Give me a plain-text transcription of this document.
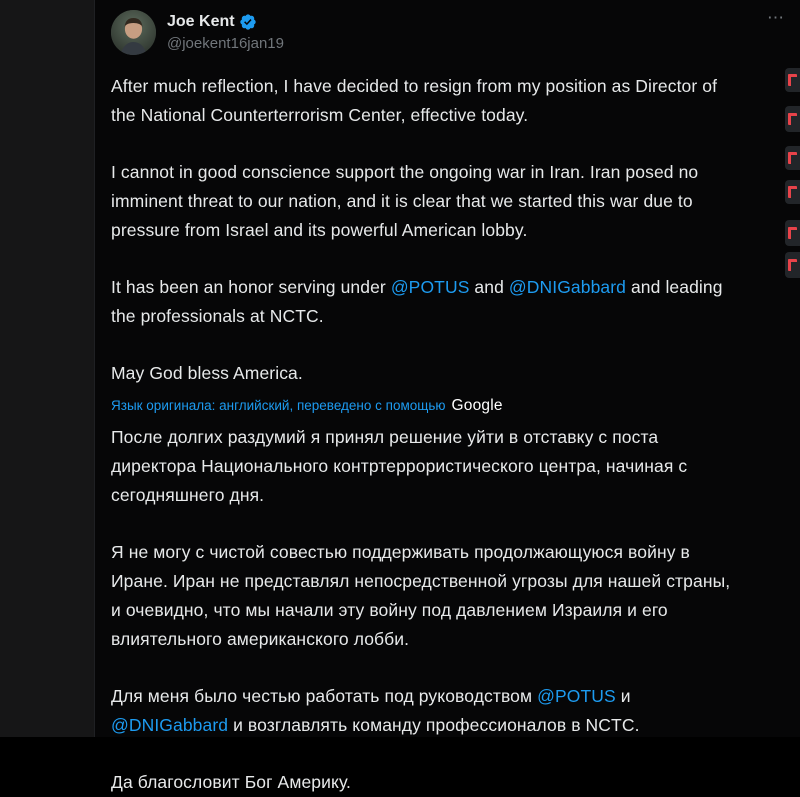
Joe Kent
@joekent16jan19
⋯

After much reflection, I have decided to resign from my position as Director of the National Counterterrorism Center, effective today.

I cannot in good conscience support the ongoing war in Iran. Iran posed no imminent threat to our nation, and it is clear that we started this war due to pressure from Israel and its powerful American lobby.

It has been an honor serving under @POTUS and @DNIGabbard and leading the professionals at NCTC.

May God bless America.

Язык оригинала: английский, переведено с помощью Google

После долгих раздумий я принял решение уйти в отставку с поста директора Национального контртеррористического центра, начиная с сегодняшнего дня.

Я не могу с чистой совестью поддерживать продолжающуюся войну в Иране. Иран не представлял непосредственной угрозы для нашей страны, и очевидно, что мы начали эту войну под давлением Израиля и его влиятельного американского лобби.

Для меня было честью работать под руководством @POTUS и @DNIGabbard и возглавлять команду профессионалов в NCTC.

Да благословит Бог Америку.
